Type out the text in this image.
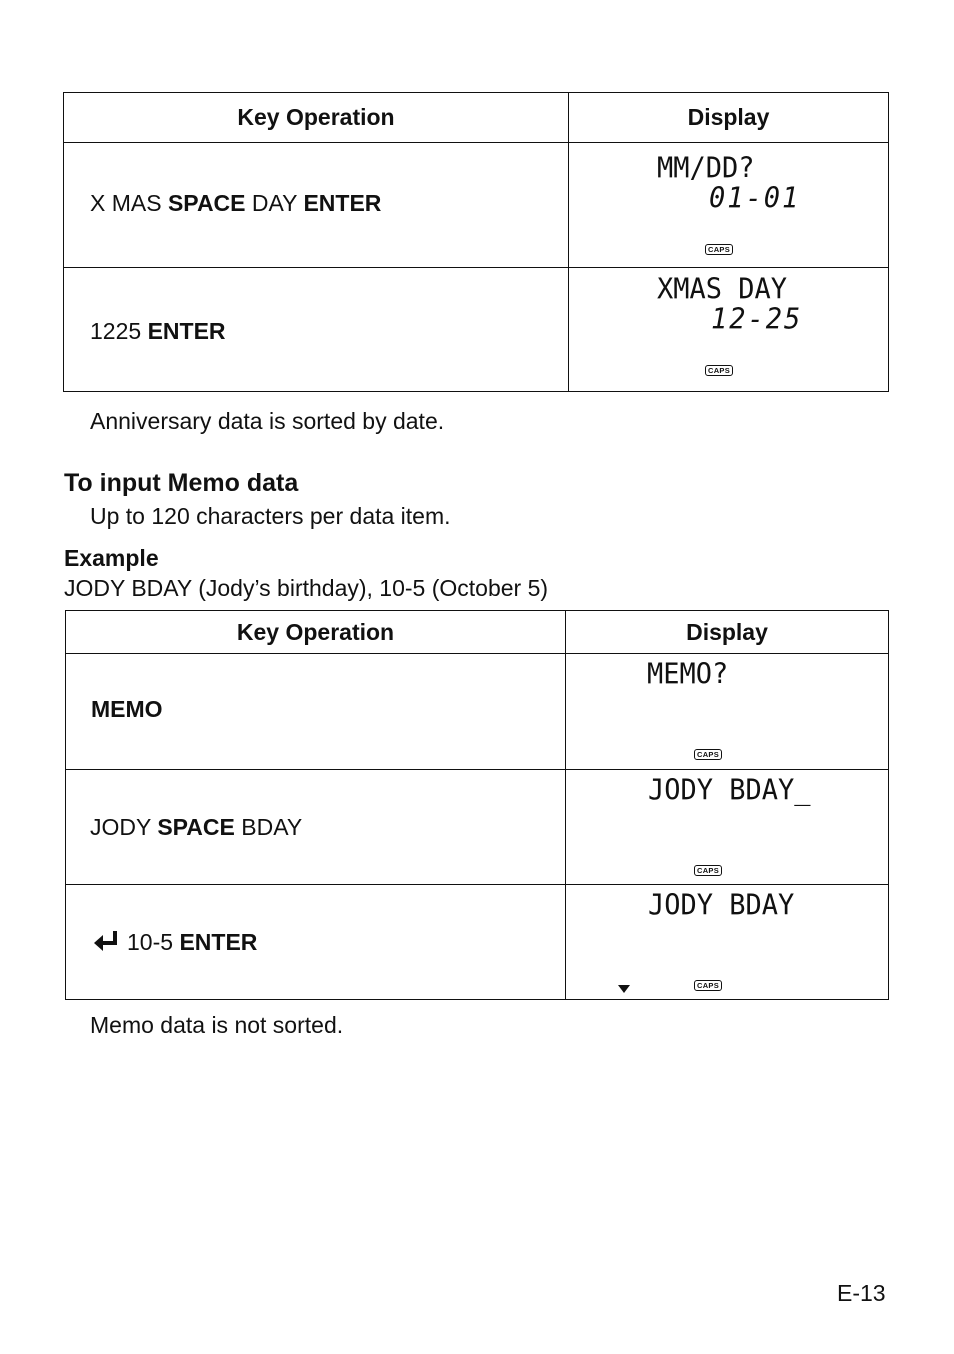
Key Operation	Display

X MAS SPACE DAY ENTER	MM/DD?
01-01
CAPS

1225 ENTER	XMAS DAY
12-25
CAPS
Anniversary data is sorted by date.
To input Memo data
Up to 120 characters per data item.
Example
JODY BDAY (Jody’s birthday), 10-5 (October 5)
Key Operation	Display

MEMO	MEMO?
CAPS

JODY SPACE BDAY	JODY BDAY_
CAPS

10-5 ENTER	JODY BDAY
CAPS
Memo data is not sorted.
E-13
